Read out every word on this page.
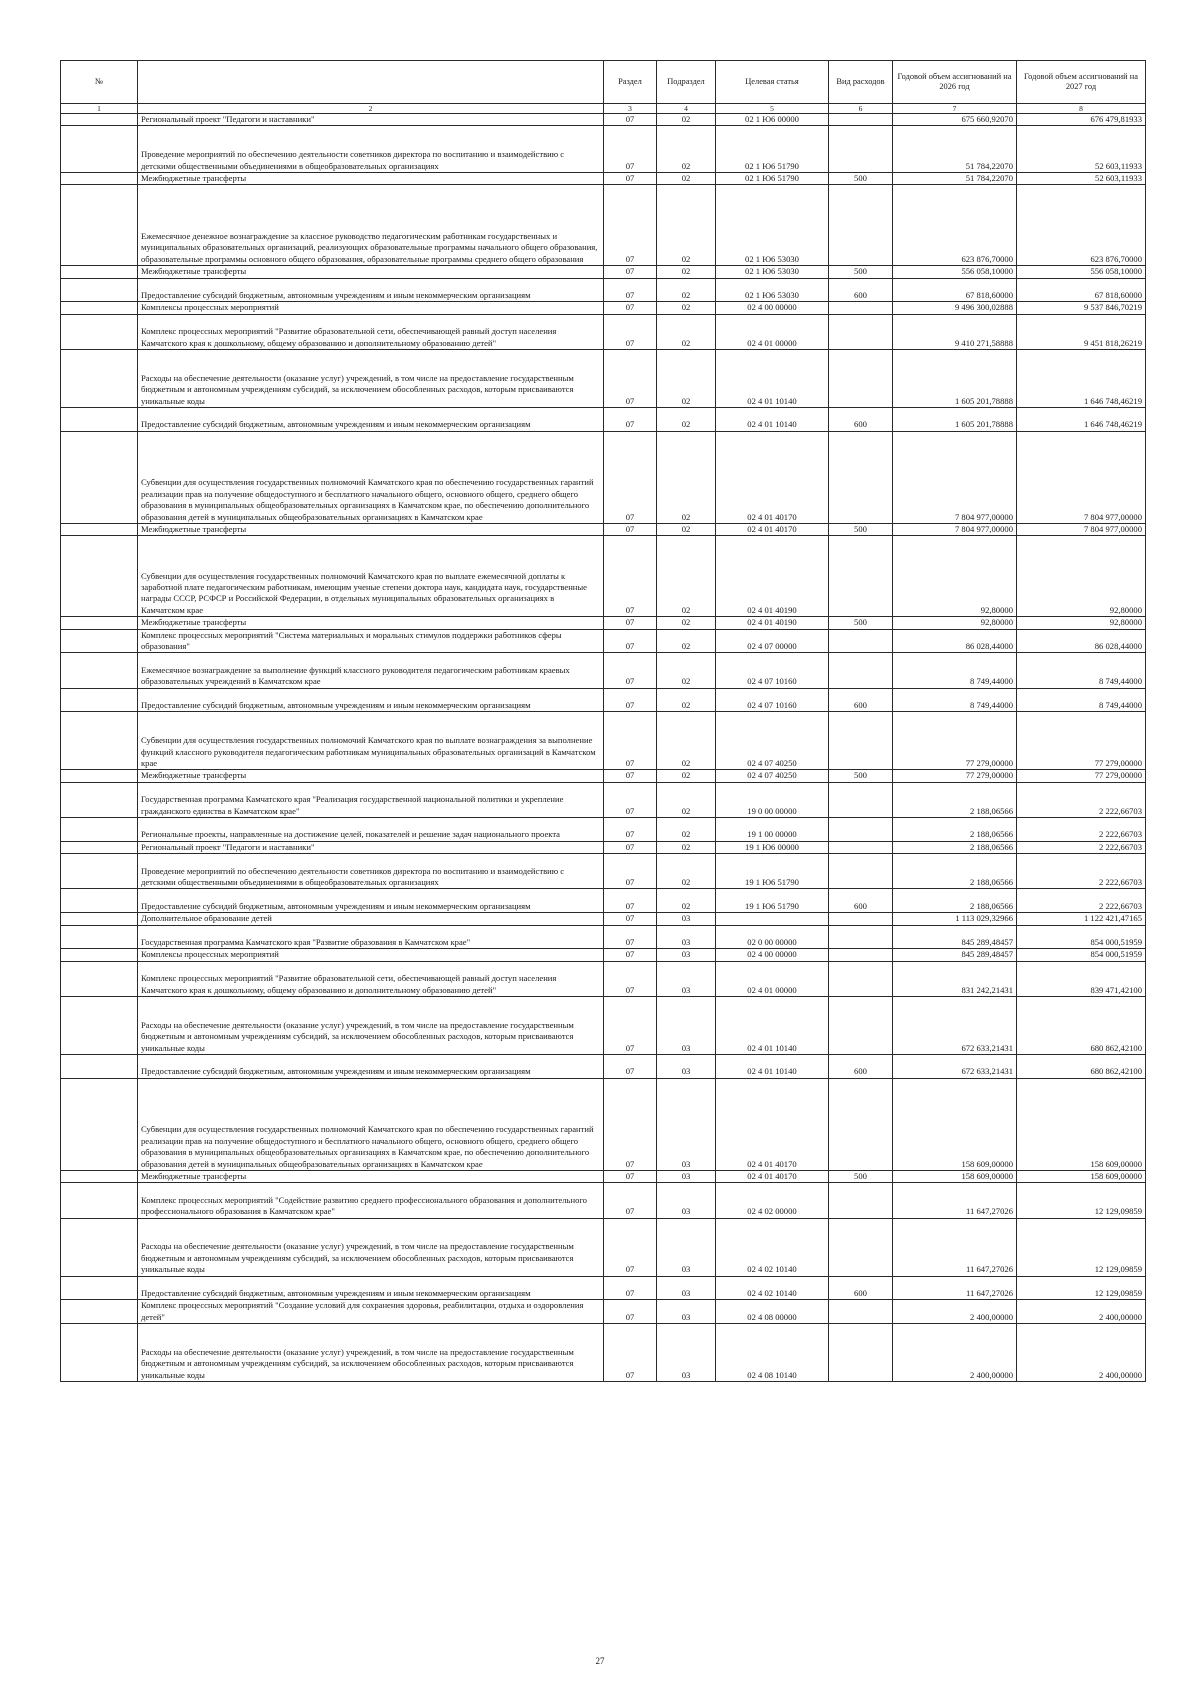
№		Раздел	Подраздел	Целевая статья	Вид расходов	Годовой объем ассигнований на 2026 год	Годовой объем ассигнований на 2027 год
1	2	3	4	5	6	7	8
	Региональный проект "Педагоги и наставники"	07	02	02 1 Ю6 00000		675 660,92070	676 479,81933
	Проведение мероприятий по обеспечению деятельности советников директора по воспитанию и взаимодействию с детскими общественными объединениями в общеобразовательных организациях	07	02	02 1 Ю6 51790		51 784,22070	52 603,11933
	Межбюджетные трансферты	07	02	02 1 Ю6 51790	500	51 784,22070	52 603,11933
	Ежемесячное денежное вознаграждение за классное руководство педагогическим работникам государственных и муниципальных образовательных организаций, реализующих образовательные программы начального общего образования, образовательные программы основного общего образования, образовательные программы среднего общего образования	07	02	02 1 Ю6 53030		623 876,70000	623 876,70000
	Межбюджетные трансферты	07	02	02 1 Ю6 53030	500	556 058,10000	556 058,10000
	Предоставление субсидий бюджетным, автономным учреждениям и иным некоммерческим организациям	07	02	02 1 Ю6 53030	600	67 818,60000	67 818,60000
	Комплексы процессных мероприятий	07	02	02 4 00 00000		9 496 300,02888	9 537 846,70219
	Комплекс процессных мероприятий "Развитие образовательной сети, обеспечивающей равный доступ населения Камчатского края к дошкольному, общему образованию и дополнительному образованию детей"	07	02	02 4 01 00000		9 410 271,58888	9 451 818,26219
	Расходы на обеспечение деятельности (оказание услуг) учреждений, в том числе на предоставление государственным бюджетным и автономным учреждениям субсидий, за исключением обособленных расходов, которым присваиваются уникальные коды	07	02	02 4 01 10140		1 605 201,78888	1 646 748,46219
	Предоставление субсидий бюджетным, автономным учреждениям и иным некоммерческим организациям	07	02	02 4 01 10140	600	1 605 201,78888	1 646 748,46219
	Субвенции для осуществления государственных полномочий Камчатского края по обеспечению государственных гарантий реализации прав на получение общедоступного и бесплатного начального общего, основного общего, среднего общего образования в муниципальных общеобразовательных организациях в Камчатском крае, по обеспечению дополнительного образования детей в муниципальных общеобразовательных организациях в Камчатском крае	07	02	02 4 01 40170		7 804 977,00000	7 804 977,00000
	Межбюджетные трансферты	07	02	02 4 01 40170	500	7 804 977,00000	7 804 977,00000
	Субвенции для осуществления государственных полномочий Камчатского края по выплате ежемесячной доплаты к заработной плате педагогическим работникам, имеющим ученые степени доктора наук, кандидата наук, государственные награды СССР, РСФСР и Российской Федерации, в отдельных муниципальных образовательных организациях в Камчатском крае	07	02	02 4 01 40190		92,80000	92,80000
	Межбюджетные трансферты	07	02	02 4 01 40190	500	92,80000	92,80000
	Комплекс процессных мероприятий "Система материальных и моральных стимулов поддержки работников сферы образования"	07	02	02 4 07 00000		86 028,44000	86 028,44000
	Ежемесячное вознаграждение за выполнение функций классного руководителя педагогическим работникам краевых образовательных учреждений в Камчатском крае	07	02	02 4 07 10160		8 749,44000	8 749,44000
	Предоставление субсидий бюджетным, автономным учреждениям и иным некоммерческим организациям	07	02	02 4 07 10160	600	8 749,44000	8 749,44000
	Субвенции для осуществления государственных полномочий Камчатского края по выплате вознаграждения за выполнение функций классного руководителя педагогическим работникам муниципальных образовательных организаций в Камчатском крае	07	02	02 4 07 40250		77 279,00000	77 279,00000
	Межбюджетные трансферты	07	02	02 4 07 40250	500	77 279,00000	77 279,00000
	Государственная программа Камчатского края "Реализация государственной национальной политики и укрепление гражданского единства в Камчатском крае"	07	02	19 0 00 00000		2 188,06566	2 222,66703
	Региональные проекты, направленные на достижение целей, показателей и решение задач национального проекта	07	02	19 1 00 00000		2 188,06566	2 222,66703
	Региональный проект "Педагоги и наставники"	07	02	19 1 Ю6 00000		2 188,06566	2 222,66703
	Проведение мероприятий по обеспечению деятельности советников директора по воспитанию и взаимодействию с детскими общественными объединениями в общеобразовательных организациях	07	02	19 1 Ю6 51790		2 188,06566	2 222,66703
	Предоставление субсидий бюджетным, автономным учреждениям и иным некоммерческим организациям	07	02	19 1 Ю6 51790	600	2 188,06566	2 222,66703
	Дополнительное образование детей	07	03			1 113 029,32966	1 122 421,47165
	Государственная программа Камчатского края "Развитие образования в Камчатском крае"	07	03	02 0 00 00000		845 289,48457	854 000,51959
	Комплексы процессных мероприятий	07	03	02 4 00 00000		845 289,48457	854 000,51959
	Комплекс процессных мероприятий "Развитие образовательной сети, обеспечивающей равный доступ населения Камчатского края к дошкольному, общему образованию и дополнительному образованию детей"	07	03	02 4 01 00000		831 242,21431	839 471,42100
	Расходы на обеспечение деятельности (оказание услуг) учреждений, в том числе на предоставление государственным бюджетным и автономным учреждениям субсидий, за исключением обособленных расходов, которым присваиваются уникальные коды	07	03	02 4 01 10140		672 633,21431	680 862,42100
	Предоставление субсидий бюджетным, автономным учреждениям и иным некоммерческим организациям	07	03	02 4 01 10140	600	672 633,21431	680 862,42100
	Субвенции для осуществления государственных полномочий Камчатского края по обеспечению государственных гарантий реализации прав на получение общедоступного и бесплатного начального общего, основного общего, среднего общего образования в муниципальных общеобразовательных организациях в Камчатском крае, по обеспечению дополнительного образования детей в муниципальных общеобразовательных организациях в Камчатском крае	07	03	02 4 01 40170		158 609,00000	158 609,00000
	Межбюджетные трансферты	07	03	02 4 01 40170	500	158 609,00000	158 609,00000
	Комплекс процессных мероприятий "Содействие развитию среднего профессионального образования и дополнительного профессионального образования в Камчатском крае"	07	03	02 4 02 00000		11 647,27026	12 129,09859
	Расходы на обеспечение деятельности (оказание услуг) учреждений, в том числе на предоставление государственным бюджетным и автономным учреждениям субсидий, за исключением обособленных расходов, которым присваиваются уникальные коды	07	03	02 4 02 10140		11 647,27026	12 129,09859
	Предоставление субсидий бюджетным, автономным учреждениям и иным некоммерческим организациям	07	03	02 4 02 10140	600	11 647,27026	12 129,09859
	Комплекс процессных мероприятий "Создание условий для сохранения здоровья, реабилитации, отдыха и оздоровления детей"	07	03	02 4 08 00000		2 400,00000	2 400,00000
	Расходы на обеспечение деятельности (оказание услуг) учреждений, в том числе на предоставление государственным бюджетным и автономным учреждениям субсидий, за исключением обособленных расходов, которым присваиваются уникальные коды	07	03	02 4 08 10140		2 400,00000	2 400,00000
27
